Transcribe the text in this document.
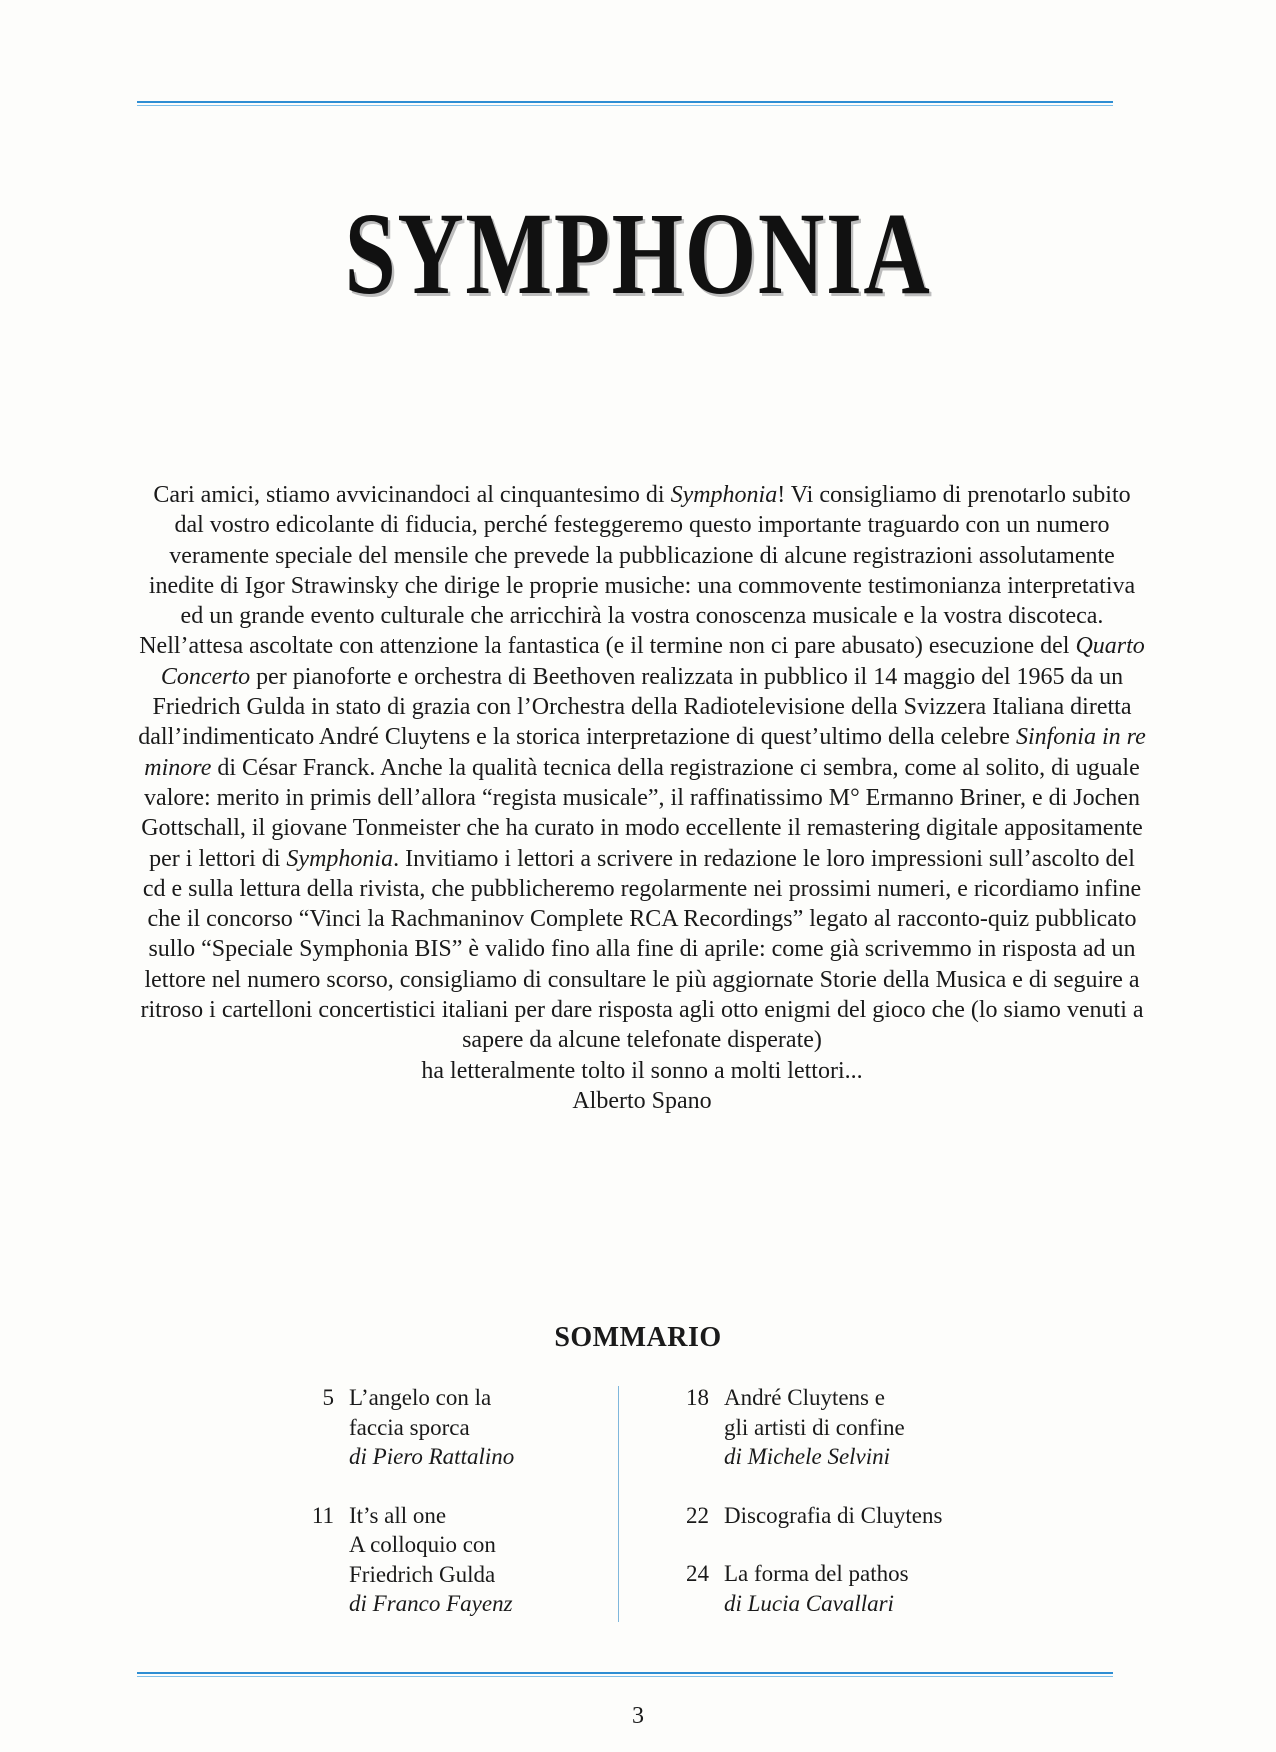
SYMPHONIA

Cari amici, stiamo avvicinandoci al cinquantesimo di Symphonia! Vi consigliamo di prenotarlo subito dal vostro edicolante di fiducia, perché festeggeremo questo importante traguardo con un numero veramente speciale del mensile che prevede la pubblicazione di alcune registrazioni assolutamente inedite di Igor Strawinsky che dirige le proprie musiche: una commovente testimonianza interpretativa ed un grande evento culturale che arricchirà la vostra conoscenza musicale e la vostra discoteca. Nell’attesa ascoltate con attenzione la fantastica (e il termine non ci pare abusato) esecuzione del Quarto Concerto per pianoforte e orchestra di Beethoven realizzata in pubblico il 14 maggio del 1965 da un Friedrich Gulda in stato di grazia con l’Orchestra della Radiotelevisione della Svizzera Italiana diretta dall’indimenticato André Cluytens e la storica interpretazione di quest’ultimo della celebre Sinfonia in re minore di César Franck. Anche la qualità tecnica della registrazione ci sembra, come al solito, di uguale valore: merito in primis dell’allora “regista musicale”, il raffinatissimo M° Ermanno Briner, e di Jochen Gottschall, il giovane Tonmeister che ha curato in modo eccellente il remastering digitale appositamente per i lettori di Symphonia. Invitiamo i lettori a scrivere in redazione le loro impressioni sull’ascolto del cd e sulla lettura della rivista, che pubblicheremo regolarmente nei prossimi numeri, e ricordiamo infine che il concorso “Vinci la Rachmaninov Complete RCA Recordings” legato al racconto-quiz pubblicato sullo “Speciale Symphonia BIS” è valido fino alla fine di aprile: come già scrivemmo in risposta ad un lettore nel numero scorso, consigliamo di consultare le più aggiornate Storie della Musica e di seguire a ritroso i cartelloni concertistici italiani per dare risposta agli otto enigmi del gioco che (lo siamo venuti a sapere da alcune telefonate disperate)
ha letteralmente tolto il sonno a molti lettori...
Alberto Spano

SOMMARIO
5 L’angelo con la
faccia sporca
di Piero Rattalino
11 It’s all one
A colloquio con
Friedrich Gulda
di Franco Fayenz
18 André Cluytens e
gli artisti di confine
di Michele Selvini
22 Discografia di Cluytens
24 La forma del pathos
di Lucia Cavallari
3
